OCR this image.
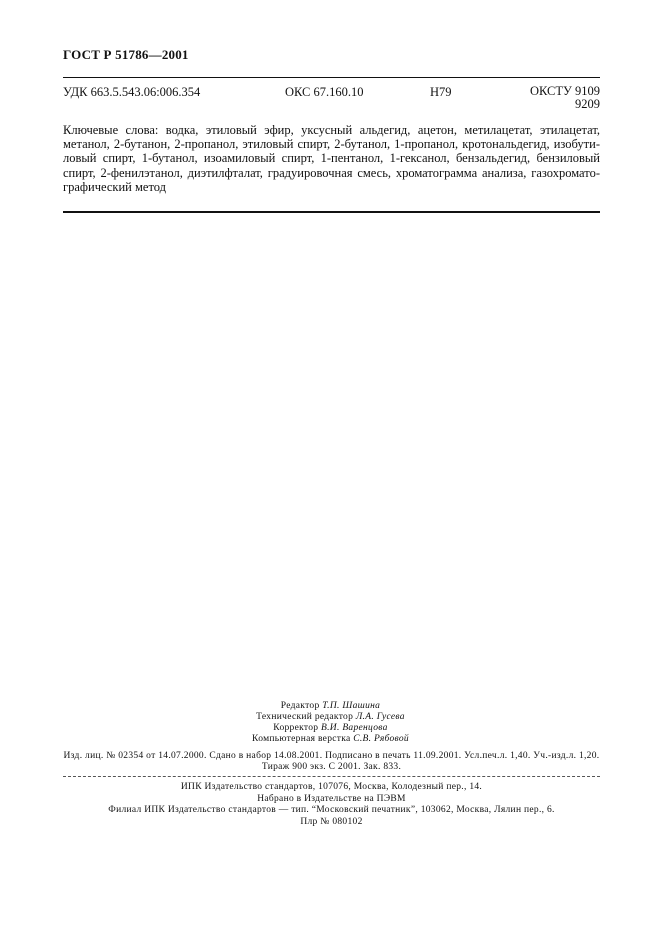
ГОСТ Р 51786—2001
УДК 663.5.543.06:006.354	ОКС 67.160.10	Н79	ОКСТУ 9109
9209
Ключевые слова: водка, этиловый эфир, уксусный альдегид, ацетон, метилацетат, этилацетат,
метанол, 2-бутанон, 2-пропанол, этиловый спирт, 2-бутанол, 1-пропанол, кротональдегид, изобути-
ловый спирт, 1-бутанол, изоамиловый спирт, 1-пентанол, 1-гексанол, бензальдегид, бензиловый
спирт, 2-фенилэтанол, диэтилфталат, градуировочная смесь, хроматограмма анализа, газохромато-
графический метод
Редактор Т.П. Шашина
Технический редактор Л.А. Гусева
Корректор В.И. Варенцова
Компьютерная верстка С.В. Рябовой
Изд. лиц. № 02354 от 14.07.2000. Сдано в набор 14.08.2001. Подписано в печать 11.09.2001. Усл.печ.л. 1,40. Уч.-изд.л. 1,20.
Тираж 900 экз. С 2001. Зак. 833.
ИПК Издательство стандартов, 107076, Москва, Колодезный пер., 14.
Набрано в Издательстве на ПЭВМ
Филиал ИПК Издательство стандартов — тип. “Московский печатник”, 103062, Москва, Лялин пер., 6.
Плр № 080102
